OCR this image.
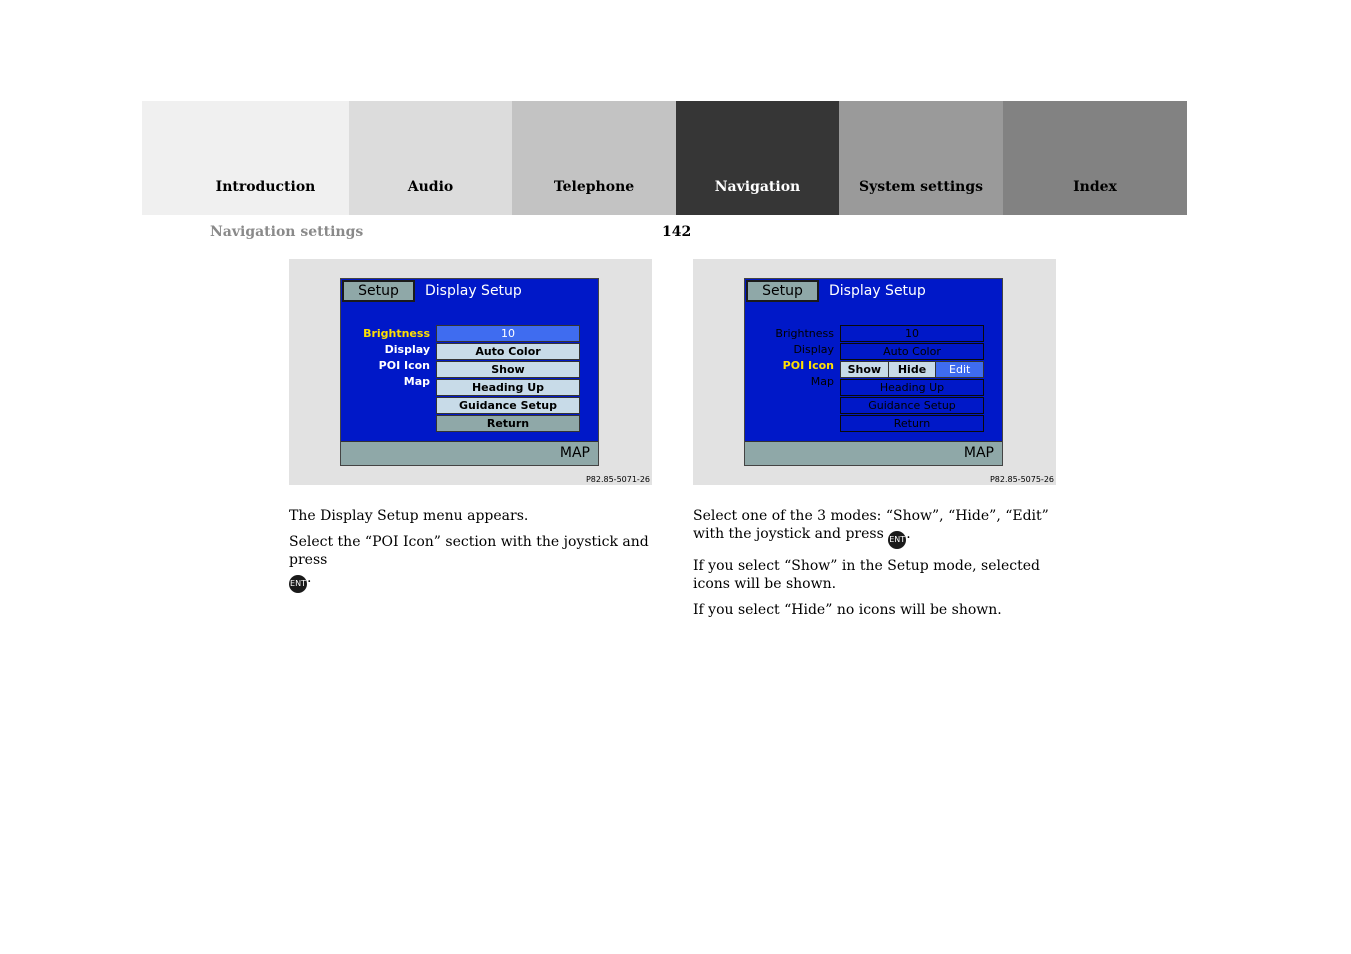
Introduction	Audio	Telephone	Navigation	System settings	Index
Navigation settings	142
Setup	Display Setup
Brightness
Display
POI Icon
Map
10
Auto Color
Show
Heading Up
Guidance Setup
Return
MAP
P82.85-5071-26
Setup	Display Setup
Brightness
Display
POI Icon
Map
10
Auto Color
Show	Hide	Edit
Heading Up
Guidance Setup
Return
MAP
P82.85-5075-26

The Display Setup menu appears.

Select the “POI Icon” section with the joystick and press
ENT.

Select one of the 3 modes: “Show”, “Hide”, “Edit” with the joystick and press ENT.

If you select “Show” in the Setup mode, selected icons will be shown.

If you select “Hide” no icons will be shown.
